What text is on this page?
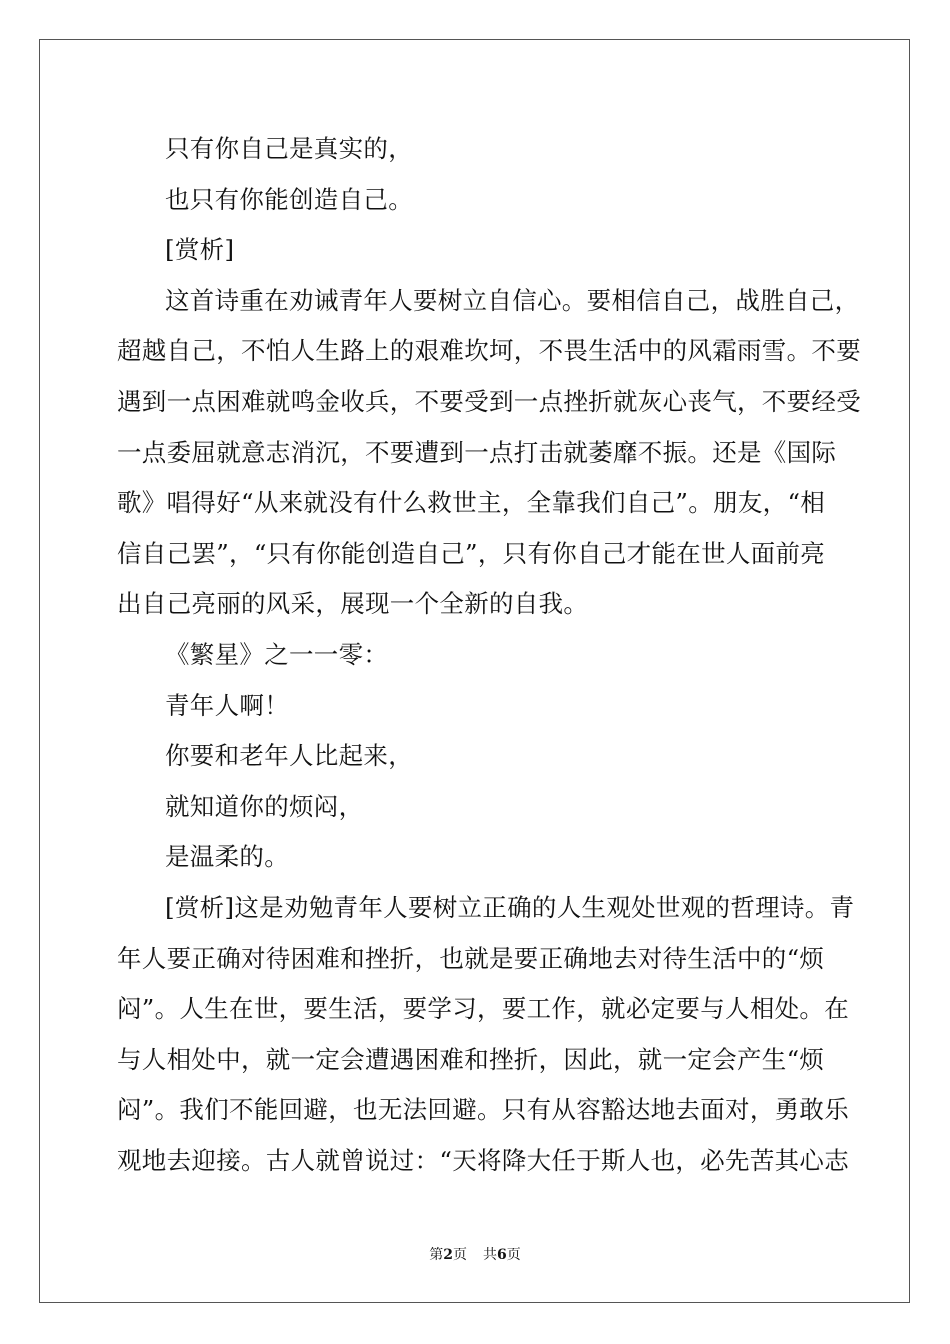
只有你自己是真实的，
也只有你能创造自己。
[赏析]
这首诗重在劝诫青年人要树立自信心。要相信自己，战胜自己，
超越自己，不怕人生路上的艰难坎坷，不畏生活中的风霜雨雪。不要
遇到一点困难就鸣金收兵，不要受到一点挫折就灰心丧气，不要经受
一点委屈就意志消沉，不要遭到一点打击就萎靡不振。还是《国际
歌》唱得好“从来就没有什么救世主，全靠我们自己”。朋友，“相
信自己罢”，“只有你能创造自己”，只有你自己才能在世人面前亮
出自己亮丽的风采，展现一个全新的自我。
《繁星》之一一零：
青年人啊！
你要和老年人比起来，
就知道你的烦闷，
是温柔的。
[赏析]这是劝勉青年人要树立正确的人生观处世观的哲理诗。青
年人要正确对待困难和挫折，也就是要正确地去对待生活中的“烦
闷”。人生在世，要生活，要学习，要工作，就必定要与人相处。在
与人相处中，就一定会遭遇困难和挫折，因此，就一定会产生“烦
闷”。我们不能回避，也无法回避。只有从容豁达地去面对，勇敢乐
观地去迎接。古人就曾说过：“天将降大任于斯人也，必先苦其心志
第2页 共6页
